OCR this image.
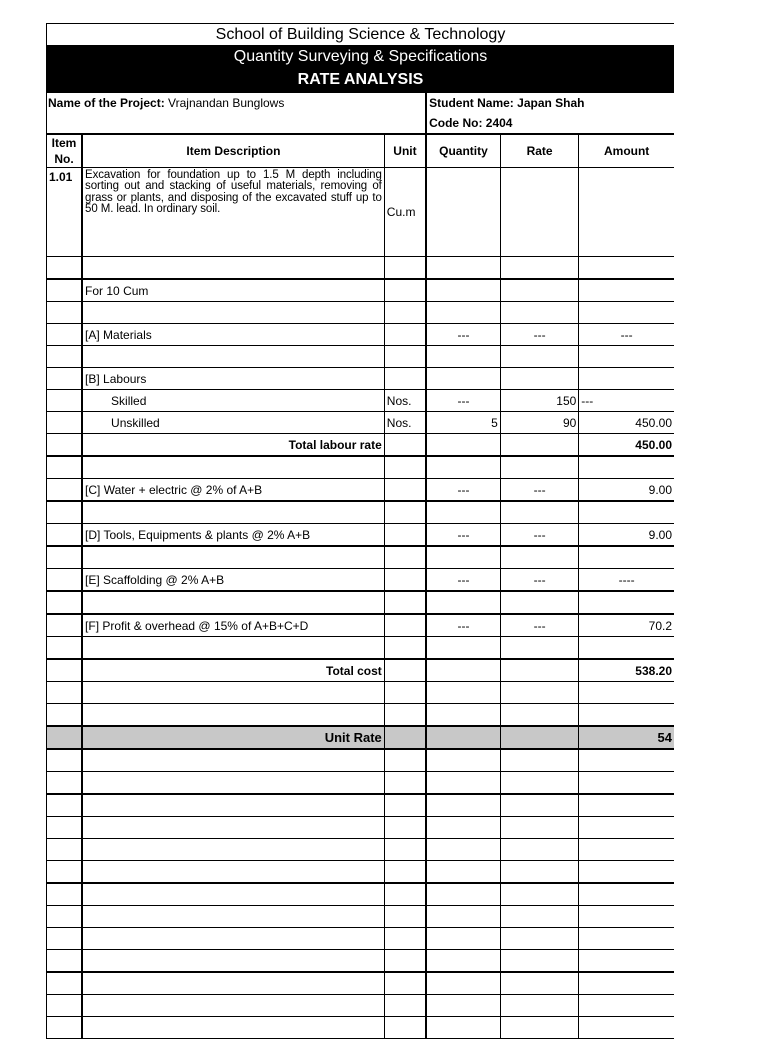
School of Building Science & Technology
Quantity Surveying & Specifications
RATE ANALYSIS
Name of the Project: Vrajnandan Bunglows	Student Name: Japan Shah
	Code No: 2404
Item
No.	Item Description	Unit	Quantity	Rate	Amount
1.01	Excavation for foundation up to 1.5 M depth including sorting out and stacking of useful materials, removing of grass or plants, and disposing of the excavated stuff up to 50 M. lead. In ordinary soil.	Cu.m			

	For 10 Cum				

	[A] Materials		---	---	---

	[B] Labours				
	Skilled	Nos.	---	150	---
	Unskilled	Nos.	5	90	450.00
	Total labour rate				450.00

	[C] Water + electric @ 2% of A+B		---	---	9.00

	[D] Tools, Equipments & plants @ 2% A+B		---	---	9.00

	[E] Scaffolding @ 2% A+B		---	---	----

	[F] Profit & overhead @ 15% of A+B+C+D		---	---	70.2

	Total cost				538.20

	Unit Rate				54
